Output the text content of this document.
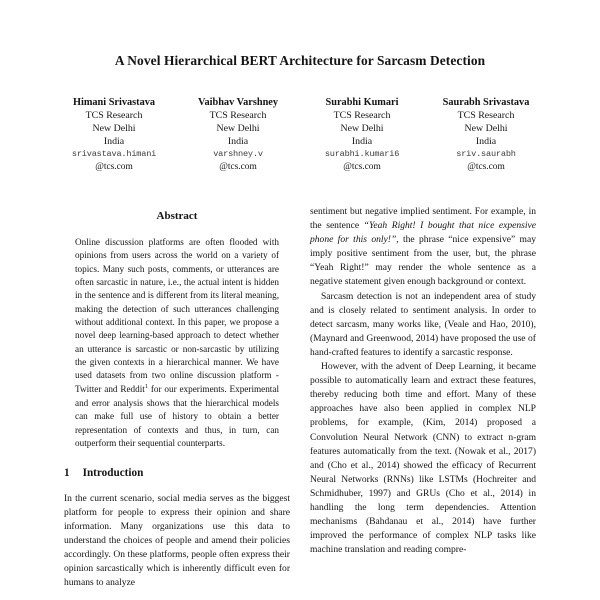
A Novel Hierarchical BERT Architecture for Sarcasm Detection
Himani Srivastava
TCS Research
New Delhi
India
srivastava.himani
@tcs.com
Vaibhav Varshney
TCS Research
New Delhi
India
varshney.v
@tcs.com
Surabhi Kumari
TCS Research
New Delhi
India
surabhi.kumari6
@tcs.com
Saurabh Srivastava
TCS Research
New Delhi
India
sriv.saurabh
@tcs.com
Abstract

Online discussion platforms are often flooded with opinions from users across the world on a variety of topics. Many such posts, comments, or utterances are often sarcastic in nature, i.e., the actual intent is hidden in the sentence and is different from its literal meaning, making the detection of such utterances challenging without additional context. In this paper, we propose a novel deep learning-based approach to detect whether an utterance is sarcastic or non-sarcastic by utilizing the given contexts in a hierarchical manner. We have used datasets from two online discussion platform - Twitter and Reddit$^1$ for our experiments. Experimental and error analysis shows that the hierarchical models can make full use of history to obtain a better representation of contexts and thus, in turn, can outperform their sequential counterparts.

1 Introduction

In the current scenario, social media serves as the biggest platform for people to express their opinion and share information. Many organizations use this data to understand the choices of people and amend their policies accordingly. On these platforms, people often express their opinion sarcastically which is inherently difficult even for humans to analyze

sentiment but negative implied sentiment. For example, in the sentence “Yeah Right! I bought that nice expensive phone for this only!”, the phrase “nice expensive” may imply positive sentiment from the user, but, the phrase “Yeah Right!” may render the whole sentence as a negative statement given enough background or context.

Sarcasm detection is not an independent area of study and is closely related to sentiment analysis. In order to detect sarcasm, many works like, (Veale and Hao, 2010), (Maynard and Greenwood, 2014) have proposed the use of hand-crafted features to identify a sarcastic response.

However, with the advent of Deep Learning, it became possible to automatically learn and extract these features, thereby reducing both time and effort. Many of these approaches have also been applied in complex NLP problems, for example, (Kim, 2014) proposed a Convolution Neural Network (CNN) to extract n-gram features automatically from the text. (Nowak et al., 2017) and (Cho et al., 2014) showed the efficacy of Recurrent Neural Networks (RNNs) like LSTMs (Hochreiter and Schmidhuber, 1997) and GRUs (Cho et al., 2014) in handling the long term dependencies. Attention mechanisms (Bahdanau et al., 2014) have further improved the performance of complex NLP tasks like machine translation and reading compre-
